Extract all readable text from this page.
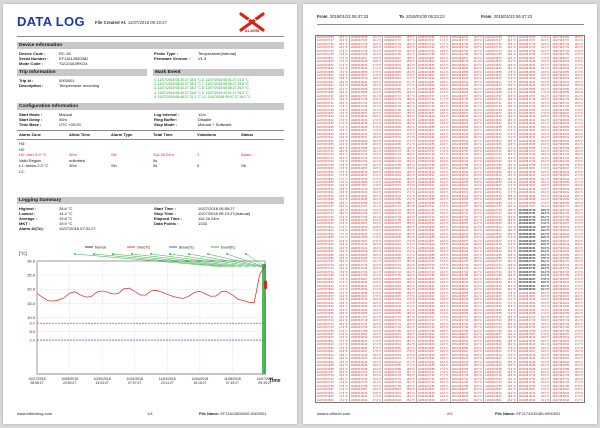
DATA LOG File Created At: 11/07/2018 09:19:27
ALARM
Device Information
Device Code :	RC-18
Serial Number :	EF11812800082
Mode Code :	TUC03A3RKG4
Probe Type :	Temperature(internal)
Firmware Version : V1.3
Trip Information	Mark Event
Trip Id :	0000001
Description :	Temperature recording
1: 11/07/2018 08:30:27 28.5 °C 6: 11/07/2018 08:51:27 21.5 °C
2: 11/07/2018 08:35:27 28.3 °C 7: 11/07/2018 08:55:27 25.6 °C
3: 11/07/2018 08:40:27 28.0 °C 8: 11/07/2018 08:58:27 26.0 °C
4: 11/07/2018 08:45:27 24.6 °C 9: 11/07/2018 09:01:27 26.2 °C
5: 11/07/2018 08:48:27 22.1 °C 10: 11/07/2018 09:07:27 26.2 °C
Configuration Information
Start Mode :	Manual
Start Delay :	30m
Time Base :	UTC +00:00
Log Interval :	12m
Ring Buffer:	Disable
Stop Mode :	Manual + Software
Alarm Zone	Allow Time	Alarm Type	Total Time	Violations	Status
H3:
H2:
H1: over 8.0 °C	30m	Sin	11d 2h 24m	1	Alarm
Valid Region	unlimited	0s
L1: below 2.0 °C	30m	Sin	0s	0	Ok
L2:
Logging Summary
Highest :	28.6 °C
Lowest :	14.4 °C
Average :	19.8 °C
MKT :	19.9 °C
Alarm At(Tc):	10/27/2018 07:31:27
Start Time :	10/27/2018 06:55:27
Stop Time :	11/07/2018 09:19:27(manual)
Elapsed Time :	11d 2h 24m
Data Points :	1333
30.0
25.0
20.0
15.0
10.0
8.0
5.0
2.0
10/27/2018 06:55:27
10/28/2018 22:59:27
10/30/2018 15:03:27
11/01/2018 07:07:27
11/02/2018 23:11:27
11/04/2018 15:15:27
11/06/2018 07:19:27
11/07/2018 09:19:27
[°C]
Time
Normal	Over(Tc)	Below(Tc)	Event(Tc)
www.elitechlog.com	1/4	File Name: EF11812800082-0000001
From 2018/01/23 06:47:23	To 2018/01/30 06:23:23	From 2018/01/23 06:47:23
10/27/18 06:55 18.5 °C
10/27/18 07:07 18.4 °C
10/27/18 07:19 18.2 °C
10/27/18 07:31 18.0 °C
10/27/18 07:43 17.9 °C
10/27/18 07:55 17.8 °C
10/27/18 08:07 17.6 °C
10/27/18 08:19 17.5 °C
10/27/18 08:31 17.3 °C
10/27/18 08:43 17.2 °C
10/27/18 08:55 17.0 °C
10/27/18 09:07 16.9 °C
10/27/18 09:19 16.8 °C
10/27/18 09:31 16.6 °C
10/27/18 09:43 16.5 °C
10/27/18 09:55 16.4 °C
10/27/18 06:55 18.5 °C
10/27/18 07:07 18.4 °C
10/27/18 07:19 18.2 °C
10/27/18 07:31 18.0 °C
10/27/18 07:43 17.9 °C
10/27/18 07:55 17.8 °C
10/27/18 08:07 17.6 °C
10/27/18 08:19 17.5 °C
10/27/18 08:31 17.3 °C
10/27/18 08:43 17.2 °C
10/27/18 08:55 17.0 °C
10/27/18 09:07 16.9 °C
10/27/18 09:19 16.8 °C
10/27/18 09:31 16.6 °C
10/27/18 09:43 16.5 °C
10/27/18 09:55 16.4 °C
10/27/18 06:55 18.5 °C
10/27/18 07:07 18.4 °C
10/27/18 07:19 18.2 °C
10/27/18 07:31 18.0 °C
10/27/18 07:43 17.9 °C
10/27/18 07:55 17.8 °C
10/27/18 08:07 17.6 °C
10/27/18 08:19 17.5 °C
10/27/18 08:31 17.3 °C
10/27/18 08:43 17.2 °C
10/27/18 08:55 17.0 °C
10/27/18 09:07 16.9 °C
10/27/18 09:19 16.8 °C
10/27/18 09:31 16.6 °C
10/27/18 09:43 16.5 °C
10/27/18 09:55 16.4 °C
10/27/18 06:55 18.5 °C
10/27/18 07:07 18.4 °C
10/27/18 07:19 18.2 °C
10/27/18 07:31 18.0 °C
10/27/18 07:43 17.9 °C
10/27/18 07:55 17.8 °C
10/27/18 08:07 17.6 °C
10/27/18 08:19 17.5 °C
10/27/18 08:31 17.3 °C
10/27/18 08:43 17.2 °C
10/27/18 08:55 17.0 °C
10/27/18 09:07 16.9 °C
10/27/18 09:19 16.8 °C
10/27/18 09:31 16.6 °C
10/27/18 09:43 16.5 °C
10/27/18 09:55 16.4 °C
10/27/18 06:55 18.5 °C
10/27/18 07:07 18.4 °C
10/27/18 07:19 18.2 °C
10/27/18 07:31 18.0 °C
10/27/18 07:43 17.9 °C
10/27/18 07:55 17.8 °C
10/27/18 08:07 17.6 °C
10/27/18 08:19 17.5 °C
10/27/18 08:31 17.3 °C
10/27/18 08:43 17.2 °C
10/27/18 08:55 17.0 °C
10/27/18 09:07 16.9 °C
10/27/18 09:19 16.8 °C
10/27/18 09:31 16.6 °C
10/27/18 09:43 16.5 °C
10/27/18 09:55 16.4 °C
10/27/18 06:55 18.5 °C
10/27/18 07:07 18.4 °C
10/27/18 07:19 18.2 °C
10/27/18 07:31 18.0 °C
10/27/18 07:43 17.9 °C
10/27/18 07:55 17.8 °C
10/27/18 08:07 17.6 °C
10/27/18 08:19 17.5 °C
10/27/18 08:31 17.3 °C
10/27/18 08:43 17.2 °C
10/27/18 08:55 17.0 °C
10/27/18 09:07 16.9 °C
10/27/18 09:19 16.8 °C
10/27/18 09:31 16.6 °C
10/27/18 09:43 16.5 °C
10/27/18 09:55 16.4 °C
10/27/18 06:55 18.5 °C
10/27/18 07:07 18.4 °C
10/27/18 07:19 18.2 °C
10/27/18 07:31 18.0 °C
10/27/18 07:43 17.9 °C
10/27/18 07:55 17.8 °C
10/27/18 08:07 17.6 °C
10/27/18 08:19 17.5 °C
10/27/18 08:31 17.3 °C
10/27/18 08:43 17.2 °C
10/28/18 06:55 16.2 °C
10/28/18 07:07 16.1 °C
10/28/18 07:19 16.0 °C
10/28/18 07:31 16.0 °C
10/28/18 07:43 16.1 °C
10/28/18 07:55 16.3 °C
10/28/18 08:07 16.5 °C
10/28/18 08:19 16.8 °C
10/28/18 08:31 17.0 °C
10/28/18 08:43 17.2 °C
10/28/18 08:55 17.5 °C
10/28/18 09:07 17.8 °C
10/28/18 09:19 18.0 °C
10/28/18 09:31 18.2 °C
10/28/18 09:43 18.4 °C
10/28/18 09:55 18.6 °C
10/28/18 06:55 16.2 °C
10/28/18 07:07 16.1 °C
10/28/18 07:19 16.0 °C
10/28/18 07:31 16.0 °C
10/28/18 07:43 16.1 °C
10/28/18 07:55 16.3 °C
10/28/18 08:07 16.5 °C
10/28/18 08:19 16.8 °C
10/28/18 08:31 17.0 °C
10/28/18 08:43 17.2 °C
10/28/18 08:55 17.5 °C
10/28/18 09:07 17.8 °C
10/28/18 09:19 18.0 °C
10/28/18 09:31 18.2 °C
10/28/18 09:43 18.4 °C
10/28/18 09:55 18.6 °C
10/28/18 06:55 16.2 °C
10/28/18 07:07 16.1 °C
10/28/18 07:19 16.0 °C
10/28/18 07:31 16.0 °C
10/28/18 07:43 16.1 °C
10/28/18 07:55 16.3 °C
10/28/18 08:07 16.5 °C
10/28/18 08:19 16.8 °C
10/28/18 08:31 17.0 °C
10/28/18 08:43 17.2 °C
10/28/18 08:55 17.5 °C
10/28/18 09:07 17.8 °C
10/28/18 09:19 18.0 °C
10/28/18 09:31 18.2 °C
10/28/18 09:43 18.4 °C
10/28/18 09:55 18.6 °C
10/28/18 06:55 16.2 °C
10/28/18 07:07 16.1 °C
10/28/18 07:19 16.0 °C
10/28/18 07:31 16.0 °C
10/28/18 07:43 16.1 °C
10/28/18 07:55 16.3 °C
10/28/18 08:07 16.5 °C
10/28/18 08:19 16.8 °C
10/28/18 08:31 17.0 °C
10/28/18 08:43 17.2 °C
10/28/18 08:55 17.5 °C
10/28/18 09:07 17.8 °C
10/28/18 09:19 18.0 °C
10/28/18 09:31 18.2 °C
10/28/18 09:43 18.4 °C
10/28/18 09:55 18.6 °C
10/28/18 06:55 16.2 °C
10/28/18 07:07 16.1 °C
10/28/18 07:19 16.0 °C
10/28/18 07:31 16.0 °C
10/28/18 07:43 16.1 °C
10/28/18 07:55 16.3 °C
10/28/18 08:07 16.5 °C
10/28/18 08:19 16.8 °C
10/28/18 08:31 17.0 °C
10/28/18 08:43 17.2 °C
10/28/18 08:55 17.5 °C
10/28/18 09:07 17.8 °C
10/28/18 09:19 18.0 °C
10/28/18 09:31 18.2 °C
10/28/18 09:43 18.4 °C
10/28/18 09:55 18.6 °C
10/28/18 06:55 16.2 °C
10/28/18 07:07 16.1 °C
10/28/18 07:19 16.0 °C
10/28/18 07:31 16.0 °C
10/28/18 07:43 16.1 °C
10/28/18 07:55 16.3 °C
10/28/18 08:07 16.5 °C
10/28/18 08:19 16.8 °C
10/28/18 08:31 17.0 °C
10/28/18 08:43 17.2 °C
10/28/18 08:55 17.5 °C
10/28/18 09:07 17.8 °C
10/28/18 09:19 18.0 °C
10/28/18 09:31 18.2 °C
10/28/18 09:43 18.4 °C
10/28/18 09:55 18.6 °C
10/28/18 06:55 16.2 °C
10/28/18 07:07 16.1 °C
10/28/18 07:19 16.0 °C
10/28/18 07:31 16.0 °C
10/28/18 07:43 16.1 °C
10/28/18 07:55 16.3 °C
10/28/18 08:07 16.5 °C
10/28/18 08:19 16.8 °C
10/28/18 08:31 17.0 °C
10/28/18 08:43 17.2 °C
10/29/18 06:55 18.6 °C
10/29/18 07:07 18.7 °C
10/29/18 07:19 18.9 °C
10/29/18 07:31 19.0 °C
10/29/18 07:43 19.1 °C
10/29/18 07:55 19.0 °C
10/29/18 08:07 18.8 °C
10/29/18 08:19 18.6 °C
10/29/18 08:31 18.4 °C
10/29/18 08:43 18.2 °C
10/29/18 08:55 18.0 °C
10/29/18 09:07 17.8 °C
10/29/18 09:19 17.6 °C
10/29/18 09:31 17.4 °C
10/29/18 09:43 17.2 °C
10/29/18 09:55 17.1 °C
10/29/18 06:55 18.6 °C
10/29/18 07:07 18.7 °C
10/29/18 07:19 18.9 °C
10/29/18 07:31 19.0 °C
10/29/18 07:43 19.1 °C
10/29/18 07:55 19.0 °C
10/29/18 08:07 18.8 °C
10/29/18 08:19 18.6 °C
10/29/18 08:31 18.4 °C
10/29/18 08:43 18.2 °C
10/29/18 08:55 18.0 °C
10/29/18 09:07 17.8 °C
10/29/18 09:19 17.6 °C
10/29/18 09:31 17.4 °C
10/29/18 09:43 17.2 °C
10/29/18 09:55 17.1 °C
10/29/18 06:55 18.6 °C
10/29/18 07:07 18.7 °C
10/29/18 07:19 18.9 °C
10/29/18 07:31 19.0 °C
10/29/18 07:43 19.1 °C
10/29/18 07:55 19.0 °C
10/29/18 08:07 18.8 °C
10/29/18 08:19 18.6 °C
10/29/18 08:31 18.4 °C
10/29/18 08:43 18.2 °C
10/29/18 08:55 18.0 °C
10/29/18 09:07 17.8 °C
10/29/18 09:19 17.6 °C
10/29/18 09:31 17.4 °C
10/29/18 09:43 17.2 °C
10/29/18 09:55 17.1 °C
10/29/18 06:55 18.6 °C
10/29/18 07:07 18.7 °C
10/29/18 07:19 18.9 °C
10/29/18 07:31 19.0 °C
10/29/18 07:43 19.1 °C
10/29/18 07:55 19.0 °C
10/29/18 08:07 18.8 °C
10/29/18 08:19 18.6 °C
10/29/18 08:31 18.4 °C
10/29/18 08:43 18.2 °C
10/29/18 08:55 18.0 °C
10/29/18 09:07 17.8 °C
10/29/18 09:19 17.6 °C
10/29/18 09:31 17.4 °C
10/29/18 09:43 17.2 °C
10/29/18 09:55 17.1 °C
10/29/18 06:55 18.6 °C
10/29/18 07:07 18.7 °C
10/29/18 07:19 18.9 °C
10/29/18 07:31 19.0 °C
10/29/18 07:43 19.1 °C
10/29/18 07:55 19.0 °C
10/29/18 08:07 18.8 °C
10/29/18 08:19 18.6 °C
10/29/18 08:31 18.4 °C
10/29/18 08:43 18.2 °C
10/29/18 08:55 18.0 °C
10/29/18 09:07 17.8 °C
10/29/18 09:19 17.6 °C
10/29/18 09:31 17.4 °C
10/29/18 09:43 17.2 °C
10/29/18 09:55 17.1 °C
10/29/18 06:55 18.6 °C
10/29/18 07:07 18.7 °C
10/29/18 07:19 18.9 °C
10/29/18 07:31 19.0 °C
10/29/18 07:43 19.1 °C
10/29/18 07:55 19.0 °C
10/29/18 08:07 18.8 °C
10/29/18 08:19 18.6 °C
10/29/18 08:31 18.4 °C
10/29/18 08:43 18.2 °C
10/29/18 08:55 18.0 °C
10/29/18 09:07 17.8 °C
10/29/18 09:19 17.6 °C
10/29/18 09:31 17.4 °C
10/29/18 09:43 17.2 °C
10/29/18 09:55 17.1 °C
10/29/18 06:55 18.6 °C
10/29/18 07:07 18.7 °C
10/29/18 07:19 18.9 °C
10/29/18 07:31 19.0 °C
10/29/18 07:43 19.1 °C
10/29/18 07:55 19.0 °C
10/29/18 08:07 18.8 °C
10/29/18 08:19 18.6 °C
10/29/18 08:31 18.4 °C
10/29/18 08:43 18.2 °C
10/30/18 06:55 17.2 °C
10/30/18 07:07 17.4 °C
10/30/18 07:19 17.7 °C
10/30/18 07:31 18.0 °C
10/30/18 07:43 18.4 °C
10/30/18 07:55 18.8 °C
10/30/18 08:07 19.0 °C
10/30/18 08:19 19.2 °C
10/30/18 08:31 19.4 °C
10/30/18 08:43 19.3 °C
10/30/18 08:55 19.1 °C
10/30/18 09:07 19.0 °C
10/30/18 09:19 18.8 °C
10/30/18 09:31 18.6 °C
10/30/18 09:43 18.4 °C
10/30/18 09:55 18.3 °C
10/30/18 06:55 17.2 °C
10/30/18 07:07 17.4 °C
10/30/18 07:19 17.7 °C
10/30/18 07:31 18.0 °C
10/30/18 07:43 18.4 °C
10/30/18 07:55 18.8 °C
10/30/18 08:07 19.0 °C
10/30/18 08:19 19.2 °C
10/30/18 08:31 19.4 °C
10/30/18 08:43 19.3 °C
10/30/18 08:55 19.1 °C
10/30/18 09:07 19.0 °C
10/30/18 09:19 18.8 °C
10/30/18 09:31 18.6 °C
10/30/18 09:43 18.4 °C
10/30/18 09:55 18.3 °C
10/30/18 06:55 17.2 °C
10/30/18 07:07 17.4 °C
10/30/18 07:19 17.7 °C
10/30/18 07:31 18.0 °C
10/30/18 07:43 18.4 °C
10/30/18 07:55 18.8 °C
10/30/18 08:07 19.0 °C
10/30/18 08:19 19.2 °C
10/30/18 08:31 19.4 °C
10/30/18 08:43 19.3 °C
10/30/18 08:55 19.1 °C
10/30/18 09:07 19.0 °C
10/30/18 09:19 18.8 °C
10/30/18 09:31 18.6 °C
10/30/18 09:43 18.4 °C
10/30/18 09:55 18.3 °C
10/30/18 06:55 17.2 °C
10/30/18 07:07 17.4 °C
10/30/18 07:19 17.7 °C
10/30/18 07:31 18.0 °C
10/30/18 07:43 18.4 °C
10/30/18 07:55 18.8 °C
10/30/18 08:07 19.0 °C
10/30/18 08:19 19.2 °C
10/30/18 08:31 19.4 °C
10/30/18 08:43 19.3 °C
10/30/18 08:55 19.1 °C
10/30/18 09:07 19.0 °C
10/30/18 09:19 18.8 °C
10/30/18 09:31 18.6 °C
10/30/18 09:43 18.4 °C
10/30/18 09:55 18.3 °C
10/30/18 06:55 17.2 °C
10/30/18 07:07 17.4 °C
10/30/18 07:19 17.7 °C
10/30/18 07:31 18.0 °C
10/30/18 07:43 18.4 °C
10/30/18 07:55 18.8 °C
10/30/18 08:07 19.0 °C
10/30/18 08:19 19.2 °C
10/30/18 08:31 19.4 °C
10/30/18 08:43 19.3 °C
10/30/18 08:55 19.1 °C
10/30/18 09:07 19.0 °C
10/30/18 09:19 18.8 °C
10/30/18 09:31 18.6 °C
10/30/18 09:43 18.4 °C
10/30/18 09:55 18.3 °C
10/30/18 06:55 17.2 °C
10/30/18 07:07 17.4 °C
10/30/18 07:19 17.7 °C
10/30/18 07:31 18.0 °C
10/30/18 07:43 18.4 °C
10/30/18 07:55 18.8 °C
10/30/18 08:07 19.0 °C
10/30/18 08:19 19.2 °C
10/30/18 08:31 19.4 °C
10/30/18 08:43 19.3 °C
10/30/18 08:55 19.1 °C
10/30/18 09:07 19.0 °C
10/30/18 09:19 18.8 °C
10/30/18 09:31 18.6 °C
10/30/18 09:43 18.4 °C
10/30/18 09:55 18.3 °C
10/30/18 06:55 17.2 °C
10/30/18 07:07 17.4 °C
10/30/18 07:19 17.7 °C
10/30/18 07:31 18.0 °C
10/30/18 07:43 18.4 °C
10/30/18 07:55 18.8 °C
10/30/18 08:07 19.0 °C
10/30/18 08:19 19.2 °C
10/30/18 08:31 19.4 °C
10/30/18 08:43 19.3 °C
10/31/18 06:55 18.3 °C
10/31/18 07:07 18.5 °C
10/31/18 07:19 18.9 °C
10/31/18 07:31 19.3 °C
10/31/18 07:43 19.7 °C
10/31/18 07:55 20.0 °C
10/31/18 08:07 20.2 °C
10/31/18 08:19 20.4 °C
10/31/18 08:31 20.3 °C
10/31/18 08:43 20.0 °C
10/31/18 08:55 19.6 °C
10/31/18 09:07 19.2 °C
10/31/18 09:19 18.8 °C
10/31/18 09:31 18.4 °C
10/31/18 09:43 18.1 °C
10/31/18 09:55 18.0 °C
10/31/18 06:55 18.3 °C
10/31/18 07:07 18.5 °C
10/31/18 07:19 18.9 °C
10/31/18 07:31 19.3 °C
10/31/18 07:43 19.7 °C
10/31/18 07:55 20.0 °C
10/31/18 08:07 20.2 °C
10/31/18 08:19 20.4 °C
10/31/18 08:31 20.3 °C
10/31/18 08:43 20.0 °C
10/31/18 08:55 19.6 °C
10/31/18 09:07 19.2 °C
10/31/18 09:19 18.8 °C
10/31/18 09:31 18.4 °C
10/31/18 09:43 18.1 °C
10/31/18 09:55 18.0 °C
10/31/18 06:55 18.3 °C
10/31/18 07:07 18.5 °C
10/31/18 07:19 18.9 °C
10/31/18 07:31 19.3 °C
10/31/18 07:43 19.7 °C
10/31/18 07:55 20.0 °C
10/31/18 08:07 20.2 °C
10/31/18 08:19 20.4 °C
10/31/18 08:31 20.3 °C
10/31/18 08:43 20.0 °C
10/31/18 08:55 19.6 °C
10/31/18 09:07 19.2 °C
10/31/18 09:19 18.8 °C
10/31/18 09:31 18.4 °C
10/31/18 09:43 18.1 °C
10/31/18 09:55 18.0 °C
10/31/18 06:55 18.3 °C
10/31/18 07:07 18.5 °C
10/31/18 07:19 18.9 °C
10/31/18 07:31 19.3 °C
10/31/18 07:43 19.7 °C
10/31/18 07:55 20.0 °C
10/31/18 08:07 20.2 °C
10/31/18 08:19 20.4 °C
10/31/18 08:31 20.3 °C
10/31/18 08:43 20.0 °C
10/31/18 08:55 19.6 °C
10/31/18 09:07 19.2 °C
10/31/18 09:19 18.8 °C
10/31/18 09:31 18.4 °C
10/31/18 09:43 18.1 °C
10/31/18 09:55 18.0 °C
10/31/18 06:55 18.3 °C
10/31/18 07:07 18.5 °C
10/31/18 07:19 18.9 °C
10/31/18 07:31 19.3 °C
10/31/18 07:43 19.7 °C
10/31/18 07:55 20.0 °C
10/31/18 08:07 20.2 °C
10/31/18 08:19 20.4 °C
10/31/18 08:31 20.3 °C
10/31/18 08:43 20.0 °C
10/31/18 08:55 19.6 °C
10/31/18 09:07 19.2 °C
10/31/18 09:19 18.8 °C
10/31/18 09:31 18.4 °C
10/31/18 09:43 18.1 °C
10/31/18 09:55 18.0 °C
10/31/18 06:55 18.3 °C
10/31/18 07:07 18.5 °C
10/31/18 07:19 18.9 °C
10/31/18 07:31 19.3 °C
10/31/18 07:43 19.7 °C
10/31/18 07:55 20.0 °C
10/31/18 08:07 20.2 °C
10/31/18 08:19 20.4 °C
10/31/18 08:31 20.3 °C
10/31/18 08:43 20.0 °C
10/31/18 08:55 19.6 °C
10/31/18 09:07 19.2 °C
10/31/18 09:19 18.8 °C
10/31/18 09:31 18.4 °C
10/31/18 09:43 18.1 °C
10/31/18 09:55 18.0 °C
10/31/18 06:55 18.3 °C
10/31/18 07:07 18.5 °C
10/31/18 07:19 18.9 °C
10/31/18 07:31 19.3 °C
10/31/18 07:43 19.7 °C
10/31/18 07:55 20.0 °C
10/31/18 08:07 20.2 °C
10/31/18 08:19 20.4 °C
10/31/18 08:31 20.3 °C
10/31/18 08:43 20.0 °C
11/01/18 06:55 17.9 °C
11/01/18 07:07 18.3 °C
11/01/18 07:19 18.8 °C
11/01/18 07:31 19.2 °C
11/01/18 07:43 19.4 °C
11/01/18 07:55 19.6 °C
11/01/18 08:07 19.4 °C
11/01/18 08:19 19.0 °C
11/01/18 08:31 18.6 °C
11/01/18 08:43 18.2 °C
11/01/18 08:55 17.8 °C
11/01/18 09:07 17.5 °C
11/01/18 09:19 17.2 °C
11/01/18 09:31 17.0 °C
11/01/18 09:43 16.8 °C
11/01/18 09:55 16.8 °C
11/01/18 06:55 17.9 °C
11/01/18 07:07 18.3 °C
11/01/18 07:19 18.8 °C
11/01/18 07:31 19.2 °C
11/01/18 07:43 19.4 °C
11/01/18 07:55 19.6 °C
11/01/18 08:07 19.4 °C
11/01/18 08:19 19.0 °C
11/01/18 08:31 18.6 °C
11/01/18 08:43 18.2 °C
11/01/18 08:55 17.8 °C
11/01/18 09:07 17.5 °C
11/01/18 09:19 17.2 °C
11/01/18 09:31 17.0 °C
11/01/18 09:43 16.8 °C
11/01/18 09:55 16.8 °C
11/01/18 06:55 17.9 °C
11/01/18 07:07 18.3 °C
11/01/18 07:19 18.8 °C
11/01/18 07:31 19.2 °C
11/01/18 07:43 19.4 °C
11/01/18 07:55 19.6 °C
11/01/18 08:07 19.4 °C
11/01/18 08:19 19.0 °C
11/01/18 08:31 18.6 °C
11/01/18 08:43 18.2 °C
11/01/18 08:55 17.8 °C
11/01/18 09:07 17.5 °C
11/01/18 09:19 17.2 °C
11/01/18 09:31 17.0 °C
11/01/18 09:43 16.8 °C
11/01/18 09:55 16.8 °C
11/01/18 06:55 17.9 °C
11/01/18 07:07 18.3 °C
11/01/18 07:19 18.8 °C
11/01/18 07:31 19.2 °C
11/01/18 07:43 19.4 °C
11/01/18 07:55 19.6 °C
11/01/18 08:07 19.4 °C
11/01/18 08:19 19.0 °C
11/01/18 08:31 18.6 °C
11/01/18 08:43 18.2 °C
11/01/18 08:55 17.8 °C
11/01/18 09:07 17.5 °C
11/01/18 09:19 17.2 °C
11/01/18 09:31 17.0 °C
11/01/18 09:43 16.8 °C
11/01/18 09:55 16.8 °C
11/01/18 06:55 17.9 °C
11/01/18 07:07 18.3 °C
11/01/18 07:19 18.8 °C
11/01/18 07:31 19.2 °C
11/01/18 07:43 19.4 °C
11/01/18 07:55 19.6 °C
11/01/18 08:07 19.4 °C
11/01/18 08:19 19.0 °C
11/01/18 08:31 18.6 °C
11/01/18 08:43 18.2 °C
11/01/18 08:55 17.8 °C
11/01/18 09:07 17.5 °C
11/01/18 09:19 17.2 °C
11/01/18 09:31 17.0 °C
11/01/18 09:43 16.8 °C
11/01/18 09:55 16.8 °C
11/01/18 06:55 17.9 °C
11/01/18 07:07 18.3 °C
11/01/18 07:19 18.8 °C
11/01/18 07:31 19.2 °C
11/01/18 07:43 19.4 °C
11/01/18 07:55 19.6 °C
11/01/18 08:07 19.4 °C
11/01/18 08:19 19.0 °C
11/01/18 08:31 18.6 °C
11/01/18 08:43 18.2 °C
11/01/18 08:55 17.8 °C
11/01/18 09:07 17.5 °C
11/01/18 09:19 17.2 °C
11/01/18 09:31 17.0 °C
11/01/18 09:43 16.8 °C
11/01/18 09:55 16.8 °C
11/01/18 06:55 17.9 °C
11/01/18 07:07 18.3 °C
11/01/18 07:19 18.8 °C
11/01/18 07:31 19.2 °C
11/01/18 07:43 19.4 °C
11/01/18 07:55 19.6 °C
11/01/18 08:07 19.4 °C
11/01/18 08:19 19.0 °C
11/01/18 08:31 18.6 °C
11/01/18 08:43 18.2 °C
11/04/18 06:55 17.6 °C
11/04/18 07:07 18.2 °C
11/04/18 07:19 18.9 °C
11/04/18 07:31 19.3 °C
11/04/18 07:43 18.4 °C
11/04/18 07:55 17.5 °C
11/04/18 08:07 17.6 °C
11/04/18 08:19 18.5 °C
11/04/18 08:31 19.2 °C
11/04/18 08:43 19.1 °C
11/04/18 08:55 18.0 °C
11/04/18 09:07 16.5 °C
11/04/18 09:19 16.0 °C
11/04/18 09:31 15.4 °C
11/04/18 09:43 15.2 °C
11/04/18 09:55 15.2 °C
11/04/18 06:55 17.6 °C
11/04/18 07:07 18.2 °C
11/04/18 07:19 18.9 °C
11/04/18 07:31 19.3 °C
11/04/18 07:43 18.4 °C
11/04/18 07:55 17.5 °C
11/04/18 08:07 17.6 °C
11/04/18 08:19 18.5 °C
11/04/18 08:31 19.2 °C
11/04/18 08:43 19.1 °C
11/04/18 08:55 18.0 °C
11/04/18 09:07 16.5 °C
11/04/18 09:19 16.0 °C
11/04/18 09:31 15.4 °C
11/04/18 09:43 15.2 °C
11/04/18 09:55 15.2 °C
11/04/18 06:55 17.6 °C
11/04/18 07:07 18.2 °C
11/04/18 07:19 18.9 °C
11/04/18 07:31 19.3 °C
11/04/18 07:43 18.4 °C
11/04/18 07:55 17.5 °C
11/04/18 08:07 17.6 °C
11/04/18 08:19 18.5 °C
11/04/18 08:31 19.2 °C
11/04/18 08:43 19.1 °C
11/04/18 08:55 18.0 °C
11/04/18 09:07 16.5 °C
11/04/18 09:19 16.0 °C
11/04/18 09:31 15.4 °C
11/04/18 09:43 15.2 °C
11/04/18 09:55 15.2 °C
11/04/18 06:55 17.6 °C
11/04/18 07:07 18.2 °C
11/04/18 07:19 18.9 °C
11/04/18 07:31 19.3 °C
11/04/18 07:43 18.4 °C
11/04/18 07:55 17.5 °C
11/04/18 08:07 17.6 °C
11/04/18 08:19 18.5 °C
11/04/18 08:31 19.2 °C
11/04/18 08:43 19.1 °C
11/04/18 08:55 18.0 °C
11/04/18 09:07 16.5 °C
11/04/18 09:19 16.0 °C
11/04/18 09:31 15.4 °C
11/04/18 09:43 15.2 °C
11/04/18 09:55 15.2 °C
11/04/18 06:55 17.6 °C
11/04/18 07:07 18.2 °C
11/04/18 07:19 18.9 °C
11/04/18 07:31 19.3 °C
11/04/18 07:43 18.4 °C
11/04/18 07:55 17.5 °C
11/04/18 08:07 17.6 °C
11/04/18 08:19 18.5 °C
11/04/18 08:31 19.2 °C
11/04/18 08:43 19.1 °C
11/04/18 08:55 18.0 °C
11/04/18 09:07 16.5 °C
11/04/18 09:19 16.0 °C
11/04/18 09:31 15.4 °C
11/04/18 09:43 15.2 °C
11/04/18 09:55 15.2 °C
11/04/18 06:55 17.6 °C
11/04/18 07:07 18.2 °C
11/04/18 07:19 18.9 °C
11/04/18 07:31 19.3 °C
11/04/18 07:43 18.4 °C
11/04/18 07:55 17.5 °C
11/04/18 08:07 17.6 °C
11/04/18 08:19 18.5 °C
11/04/18 08:31 19.2 °C
11/04/18 08:43 19.1 °C
11/04/18 08:55 18.0 °C
11/04/18 09:07 16.5 °C
11/04/18 09:19 16.0 °C
11/04/18 09:31 15.4 °C
11/04/18 09:43 15.2 °C
11/04/18 09:55 15.2 °C
11/04/18 06:55 17.6 °C
11/04/18 07:07 18.2 °C
11/04/18 07:19 18.9 °C
11/04/18 07:31 19.3 °C
11/04/18 07:43 18.4 °C
11/04/18 07:55 17.5 °C
11/04/18 08:07 17.6 °C
11/04/18 08:19 18.5 °C
11/04/18 08:31 19.2 °C
11/04/18 08:43 19.1 °C
10/27/18 06:55 18.5 °C
10/27/18 07:07 18.4 °C
10/27/18 07:19 18.2 °C
10/27/18 07:31 18.0 °C
10/27/18 07:43 17.9 °C
10/27/18 07:55 17.8 °C
10/27/18 08:07 17.6 °C
10/27/18 08:19 17.5 °C
10/27/18 08:31 17.3 °C
10/27/18 08:43 17.2 °C
10/27/18 08:55 17.0 °C
10/27/18 09:07 16.9 °C
10/27/18 09:19 16.8 °C
10/27/18 09:31 16.6 °C
10/27/18 09:43 16.5 °C
10/27/18 09:55 16.4 °C
10/27/18 06:55 18.5 °C
10/27/18 07:07 18.4 °C
10/27/18 07:19 18.2 °C
10/27/18 07:31 18.0 °C
10/27/18 07:43 17.9 °C
10/27/18 07:55 17.8 °C
10/27/18 08:07 17.6 °C
10/27/18 08:19 17.5 °C
10/27/18 08:31 17.3 °C
10/27/18 08:43 17.2 °C
10/27/18 08:55 17.0 °C
10/27/18 09:07 16.9 °C
10/27/18 09:19 16.8 °C
10/27/18 09:31 16.6 °C
10/27/18 09:43 16.5 °C
10/27/18 09:55 16.4 °C
10/27/18 06:55 18.5 °C
10/27/18 07:07 18.4 °C
10/27/18 07:19 18.2 °C
10/27/18 07:31 18.0 °C
10/27/18 07:43 17.9 °C
10/27/18 07:55 17.8 °C
10/27/18 08:07 17.6 °C
10/27/18 08:19 17.5 °C
10/27/18 08:31 17.3 °C
10/27/18 08:43 17.2 °C
10/27/18 08:55 17.0 °C
10/27/18 09:07 16.9 °C
10/27/18 09:19 16.8 °C
10/27/18 09:31 16.6 °C
10/27/18 09:43 16.5 °C
10/27/18 09:55 16.4 °C
10/27/18 06:55 18.5 °C
10/27/18 07:07 18.4 °C
10/27/18 07:19 18.2 °C
10/27/18 07:31 18.0 °C
10/27/18 07:43 17.9 °C
10/27/18 07:55 17.8 °C
10/27/18 08:07 17.6 °C
10/27/18 08:19 17.5 °C
10/27/18 08:31 17.3 °C
10/27/18 08:43 17.2 °C
10/27/18 08:55 17.0 °C
10/27/18 09:07 16.9 °C
10/27/18 09:19 16.8 °C
10/27/18 09:31 16.6 °C
10/27/18 09:43 16.5 °C
10/27/18 09:55 16.4 °C
10/27/18 06:55 18.5 °C
10/27/18 07:07 18.4 °C
10/27/18 07:19 18.2 °C
10/27/18 07:31 18.0 °C
10/27/18 07:43 17.9 °C
10/27/18 07:55 17.8 °C
10/27/18 08:07 17.6 °C
10/27/18 08:19 17.5 °C
10/27/18 08:31 17.3 °C
10/27/18 08:43 17.2 °C
10/27/18 08:55 17.0 °C
10/27/18 09:07 16.9 °C
10/27/18 09:19 16.8 °C
10/27/18 09:31 16.6 °C
10/27/18 09:43 16.5 °C
10/27/18 09:55 16.4 °C
10/27/18 06:55 18.5 °C
10/27/18 07:07 18.4 °C
10/27/18 07:19 18.2 °C
10/27/18 07:31 18.0 °C
10/27/18 07:43 17.9 °C
10/27/18 07:55 17.8 °C
10/27/18 08:07 17.6 °C
10/27/18 08:19 17.5 °C
10/27/18 08:31 17.3 °C
10/27/18 08:43 17.2 °C
10/27/18 08:55 17.0 °C
10/27/18 09:07 16.9 °C
10/27/18 09:19 16.8 °C
10/27/18 09:31 16.6 °C
10/27/18 09:43 16.5 °C
10/27/18 09:55 16.4 °C
10/27/18 06:55 18.5 °C
10/27/18 07:07 18.4 °C
10/27/18 07:19 18.2 °C
10/27/18 07:31 18.0 °C
10/27/18 07:43 17.9 °C
10/27/18 07:55 17.8 °C
10/27/18 08:07 17.6 °C
10/27/18 08:19 17.5 °C
10/27/18 08:31 17.3 °C
10/27/18 08:43 17.2 °C
www.e-elitech.com	2/2	File Name: EF2174J00189-0000001
